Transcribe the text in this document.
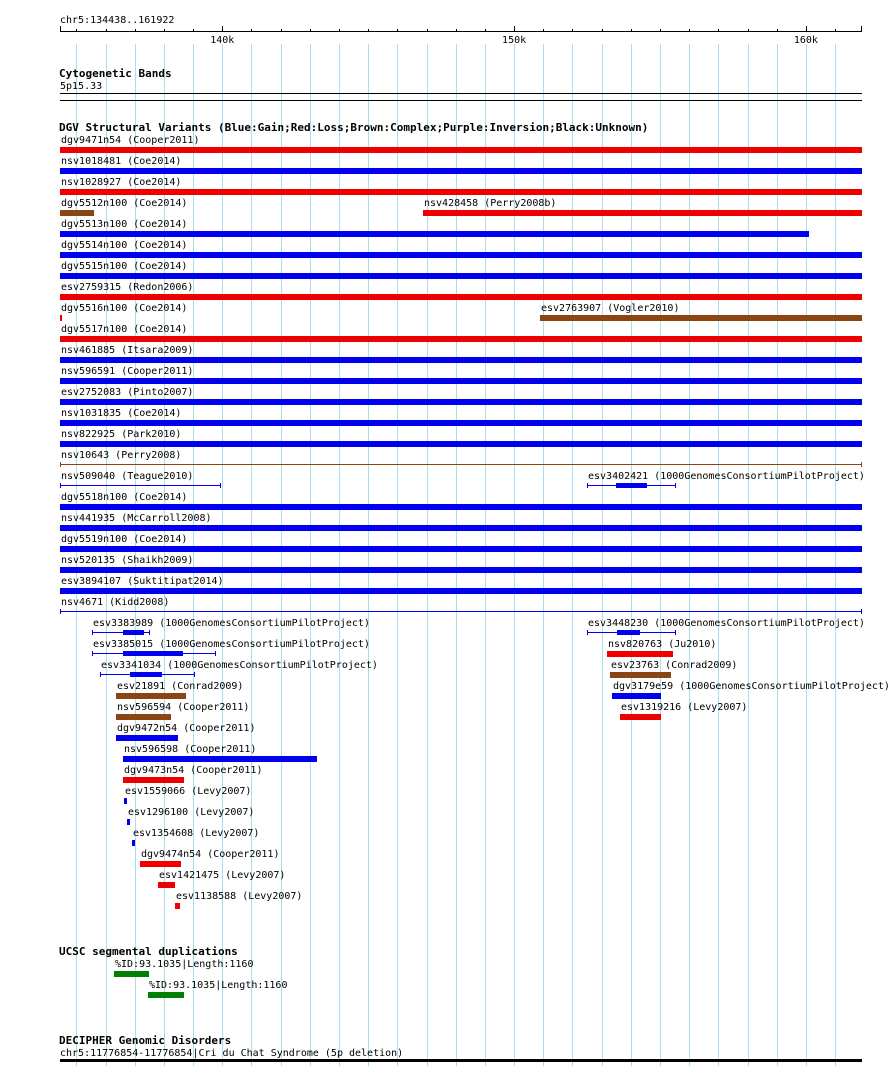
chr5:134438..161922
140k	150k	160k
Cytogenetic Bands
5p15.33
DGV Structural Variants (Blue:Gain;Red:Loss;Brown:Complex;Purple:Inversion;Black:Unknown)
dgv9471n54 (Cooper2011)
nsv1018481 (Coe2014)
nsv1028927 (Coe2014)
dgv5512n100 (Coe2014)	nsv428458 (Perry2008b)
dgv5513n100 (Coe2014)
dgv5514n100 (Coe2014)
dgv5515n100 (Coe2014)
esv2759315 (Redon2006)
dgv5516n100 (Coe2014)	esv2763907 (Vogler2010)
dgv5517n100 (Coe2014)
nsv461885 (Itsara2009)
nsv596591 (Cooper2011)
esv2752083 (Pinto2007)
nsv1031835 (Coe2014)
nsv822925 (Park2010)
nsv10643 (Perry2008)
nsv509040 (Teague2010)	esv3402421 (1000GenomesConsortiumPilotProject)
dgv5518n100 (Coe2014)
nsv441935 (McCarroll2008)
dgv5519n100 (Coe2014)
nsv520135 (Shaikh2009)
esv3894107 (Suktitipat2014)
nsv4671 (Kidd2008)
esv3383989 (1000GenomesConsortiumPilotProject)	esv3448230 (1000GenomesConsortiumPilotProject)
esv3385015 (1000GenomesConsortiumPilotProject)	nsv820763 (Ju2010)
esv3341034 (1000GenomesConsortiumPilotProject)	esv23763 (Conrad2009)
esv21891 (Conrad2009)	dgv3179e59 (1000GenomesConsortiumPilotProject)
nsv596594 (Cooper2011)	esv1319216 (Levy2007)
dgv9472n54 (Cooper2011)
nsv596598 (Cooper2011)
dgv9473n54 (Cooper2011)
esv1559066 (Levy2007)
esv1296100 (Levy2007)
esv1354608 (Levy2007)
dgv9474n54 (Cooper2011)
esv1421475 (Levy2007)
esv1138588 (Levy2007)
UCSC segmental duplications
%ID:93.1035|Length:1160
%ID:93.1035|Length:1160
DECIPHER Genomic Disorders
chr5:11776854-11776854|Cri du Chat Syndrome (5p deletion)
